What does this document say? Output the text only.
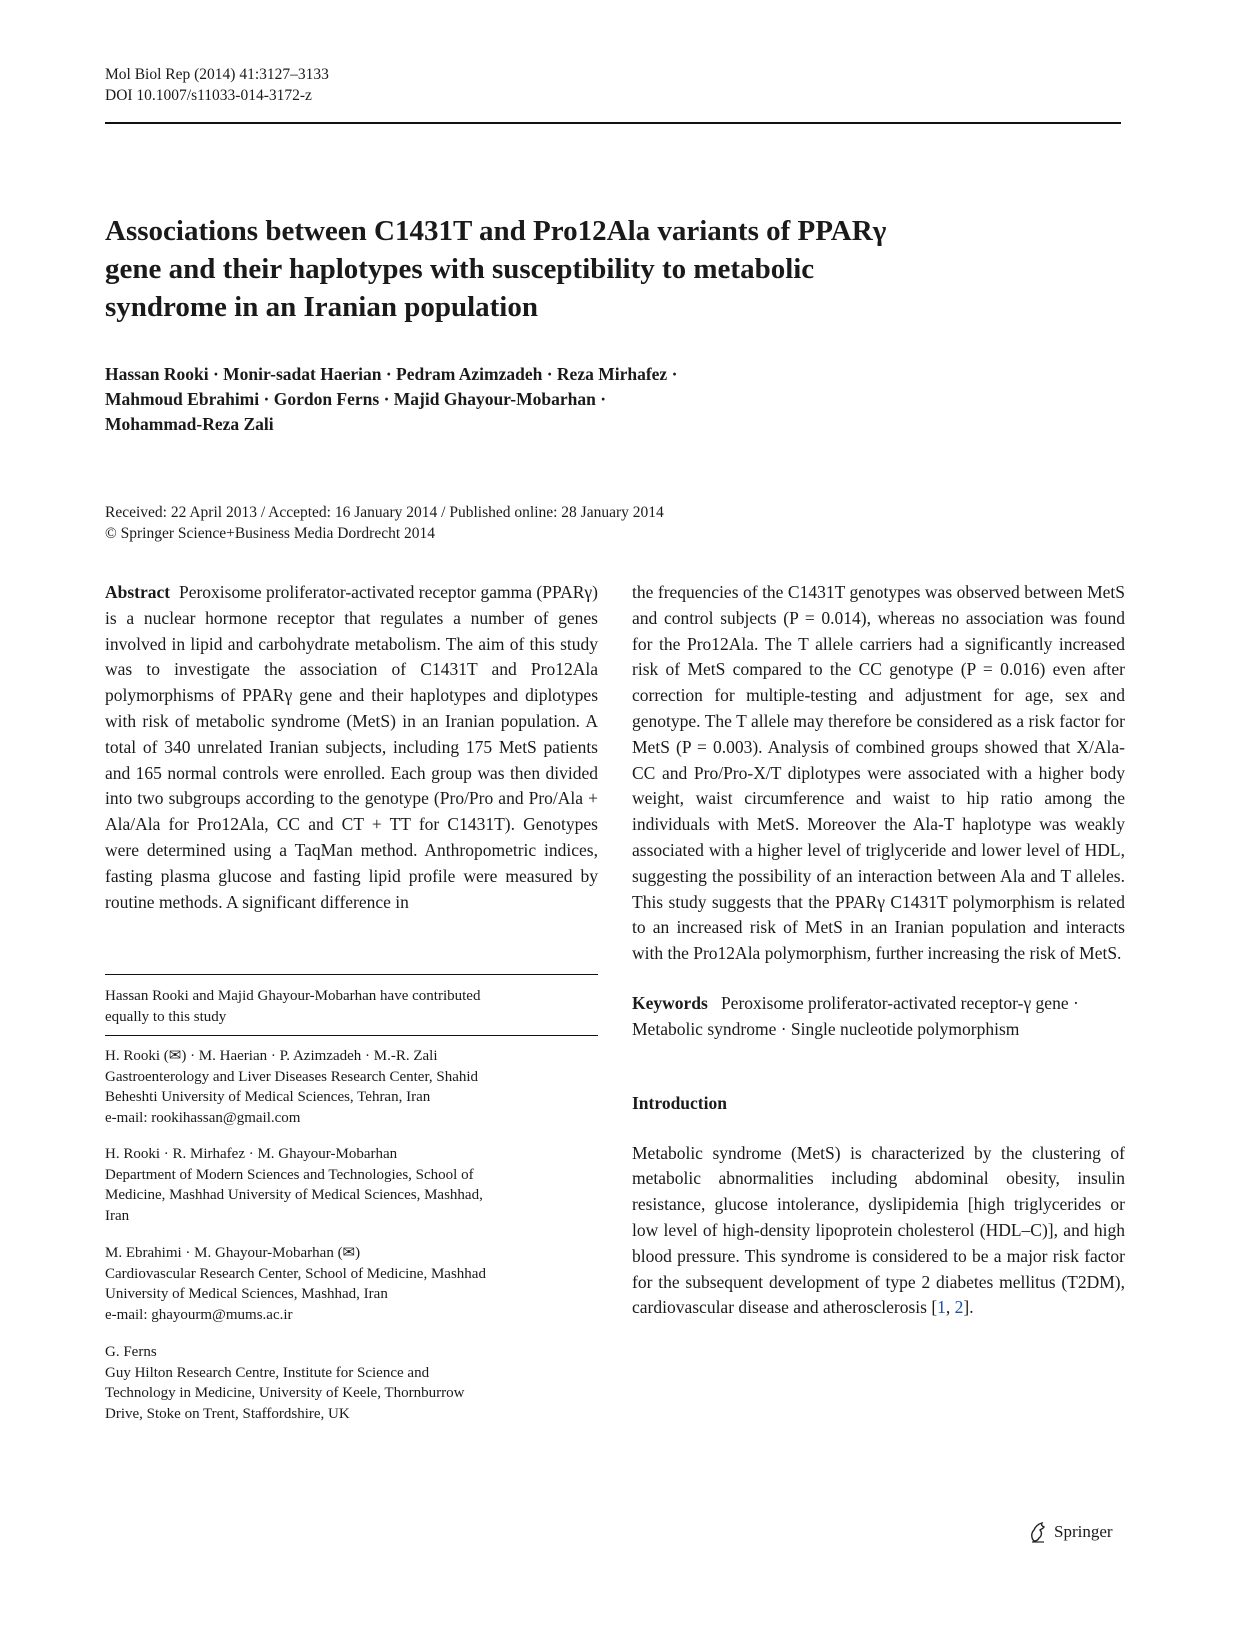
Mol Biol Rep (2014) 41:3127–3133
DOI 10.1007/s11033-014-3172-z
Associations between C1431T and Pro12Ala variants of PPARγ
gene and their haplotypes with susceptibility to metabolic
syndrome in an Iranian population
Hassan Rooki · Monir-sadat Haerian · Pedram Azimzadeh · Reza Mirhafez ·
Mahmoud Ebrahimi · Gordon Ferns · Majid Ghayour-Mobarhan ·
Mohammad-Reza Zali
Received: 22 April 2013 / Accepted: 16 January 2014 / Published online: 28 January 2014
© Springer Science+Business Media Dordrecht 2014

Abstract Peroxisome proliferator-activated receptor gamma (PPARγ) is a nuclear hormone receptor that regulates a number of genes involved in lipid and carbohydrate metabolism. The aim of this study was to investigate the association of C1431T and Pro12Ala polymorphisms of PPARγ gene and their haplotypes and diplotypes with risk of metabolic syndrome (MetS) in an Iranian population. A total of 340 unrelated Iranian subjects, including 175 MetS patients and 165 normal controls were enrolled. Each group was then divided into two subgroups according to the genotype (Pro/Pro and Pro/Ala + Ala/Ala for Pro12Ala, CC and CT + TT for C1431T). Genotypes were determined using a TaqMan method. Anthropometric indices, fasting plasma glucose and fasting lipid profile were measured by routine methods. A significant difference in

Hassan Rooki and Majid Ghayour-Mobarhan have contributed
equally to this study
H. Rooki (✉) · M. Haerian · P. Azimzadeh · M.-R. Zali
Gastroenterology and Liver Diseases Research Center, Shahid
Beheshti University of Medical Sciences, Tehran, Iran
e-mail: rookihassan@gmail.com
H. Rooki · R. Mirhafez · M. Ghayour-Mobarhan
Department of Modern Sciences and Technologies, School of
Medicine, Mashhad University of Medical Sciences, Mashhad,
Iran
M. Ebrahimi · M. Ghayour-Mobarhan (✉)
Cardiovascular Research Center, School of Medicine, Mashhad
University of Medical Sciences, Mashhad, Iran
e-mail: ghayourm@mums.ac.ir
G. Ferns
Guy Hilton Research Centre, Institute for Science and
Technology in Medicine, University of Keele, Thornburrow
Drive, Stoke on Trent, Staffordshire, UK

the frequencies of the C1431T genotypes was observed between MetS and control subjects (P = 0.014), whereas no association was found for the Pro12Ala. The T allele carriers had a significantly increased risk of MetS compared to the CC genotype (P = 0.016) even after correction for multiple-testing and adjustment for age, sex and genotype. The T allele may therefore be considered as a risk factor for MetS (P = 0.003). Analysis of combined groups showed that X/Ala-CC and Pro/Pro-X/T diplotypes were associated with a higher body weight, waist circumference and waist to hip ratio among the individuals with MetS. Moreover the Ala-T haplotype was weakly associated with a higher level of triglyceride and lower level of HDL, suggesting the possibility of an interaction between Ala and T alleles. This study suggests that the PPARγ C1431T polymorphism is related to an increased risk of MetS in an Iranian population and interacts with the Pro12Ala polymorphism, further increasing the risk of MetS.

Keywords Peroxisome proliferator-activated receptor-γ gene · Metabolic syndrome · Single nucleotide polymorphism

Introduction

Metabolic syndrome (MetS) is characterized by the clustering of metabolic abnormalities including abdominal obesity, insulin resistance, glucose intolerance, dyslipidemia [high triglycerides or low level of high-density lipoprotein cholesterol (HDL–C)], and high blood pressure. This syndrome is considered to be a major risk factor for the subsequent development of type 2 diabetes mellitus (T2DM), cardiovascular disease and atherosclerosis [1, 2].

Springer
